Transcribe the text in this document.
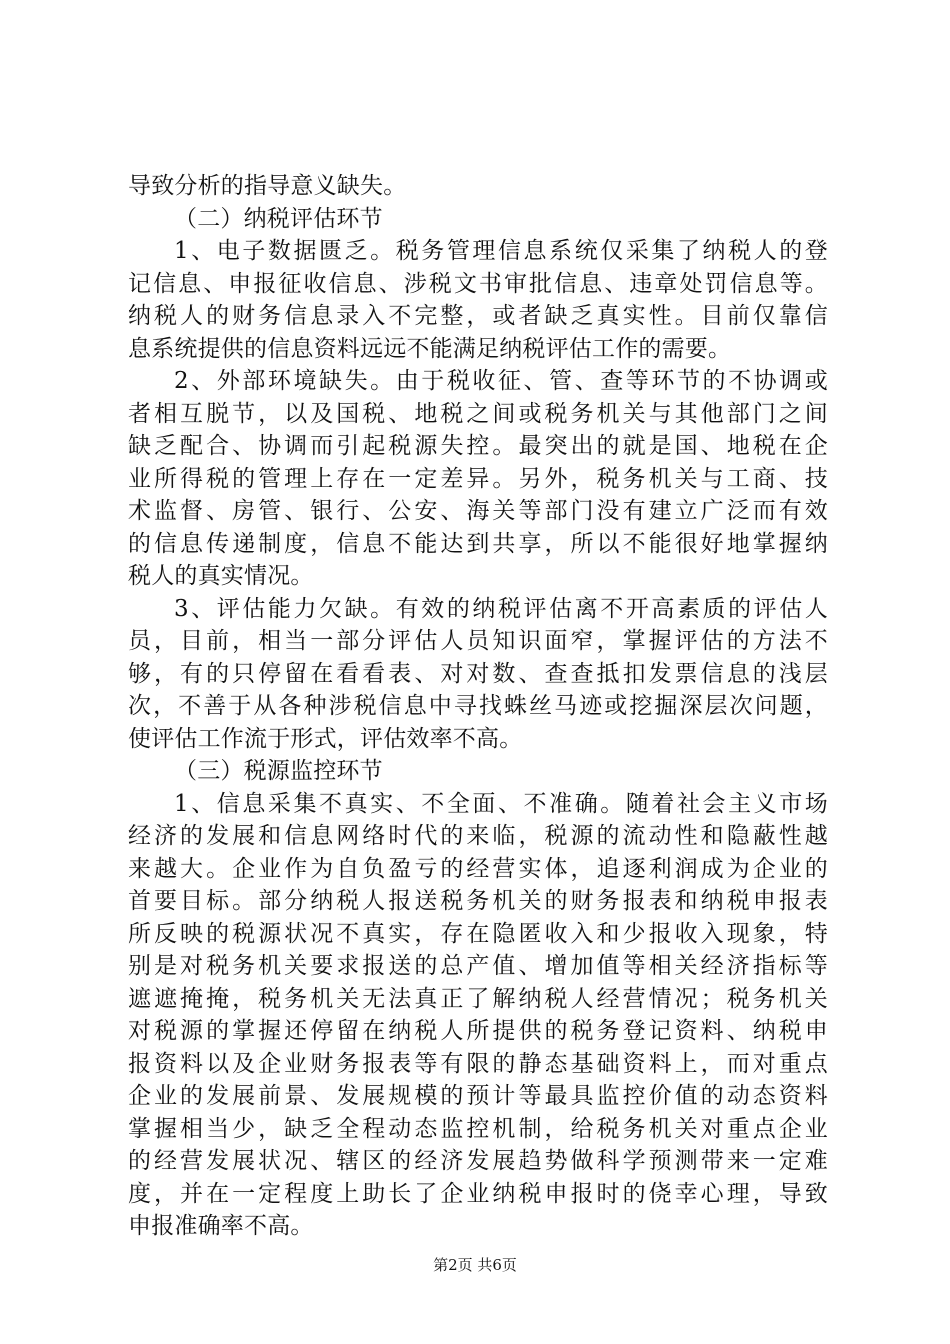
导致分析的指导意义缺失。
（二）纳税评估环节
1、电子数据匮乏。税务管理信息系统仅采集了纳税人的登
记信息、申报征收信息、涉税文书审批信息、违章处罚信息等。
纳税人的财务信息录入不完整，或者缺乏真实性。目前仅靠信
息系统提供的信息资料远远不能满足纳税评估工作的需要。
2、外部环境缺失。由于税收征、管、查等环节的不协调或
者相互脱节，以及国税、地税之间或税务机关与其他部门之间
缺乏配合、协调而引起税源失控。最突出的就是国、地税在企
业所得税的管理上存在一定差异。另外，税务机关与工商、技
术监督、房管、银行、公安、海关等部门没有建立广泛而有效
的信息传递制度，信息不能达到共享，所以不能很好地掌握纳
税人的真实情况。
3、评估能力欠缺。有效的纳税评估离不开高素质的评估人
员，目前，相当一部分评估人员知识面窄，掌握评估的方法不
够，有的只停留在看看表、对对数、查查抵扣发票信息的浅层
次，不善于从各种涉税信息中寻找蛛丝马迹或挖掘深层次问题，
使评估工作流于形式，评估效率不高。
（三）税源监控环节
1、信息采集不真实、不全面、不准确。随着社会主义市场
经济的发展和信息网络时代的来临，税源的流动性和隐蔽性越
来越大。企业作为自负盈亏的经营实体，追逐利润成为企业的
首要目标。部分纳税人报送税务机关的财务报表和纳税申报表
所反映的税源状况不真实，存在隐匿收入和少报收入现象，特
别是对税务机关要求报送的总产值、增加值等相关经济指标等
遮遮掩掩，税务机关无法真正了解纳税人经营情况；税务机关
对税源的掌握还停留在纳税人所提供的税务登记资料、纳税申
报资料以及企业财务报表等有限的静态基础资料上，而对重点
企业的发展前景、发展规模的预计等最具监控价值的动态资料
掌握相当少，缺乏全程动态监控机制，给税务机关对重点企业
的经营发展状况、辖区的经济发展趋势做科学预测带来一定难
度，并在一定程度上助长了企业纳税申报时的侥幸心理，导致
申报准确率不高。
第2页 共6页
